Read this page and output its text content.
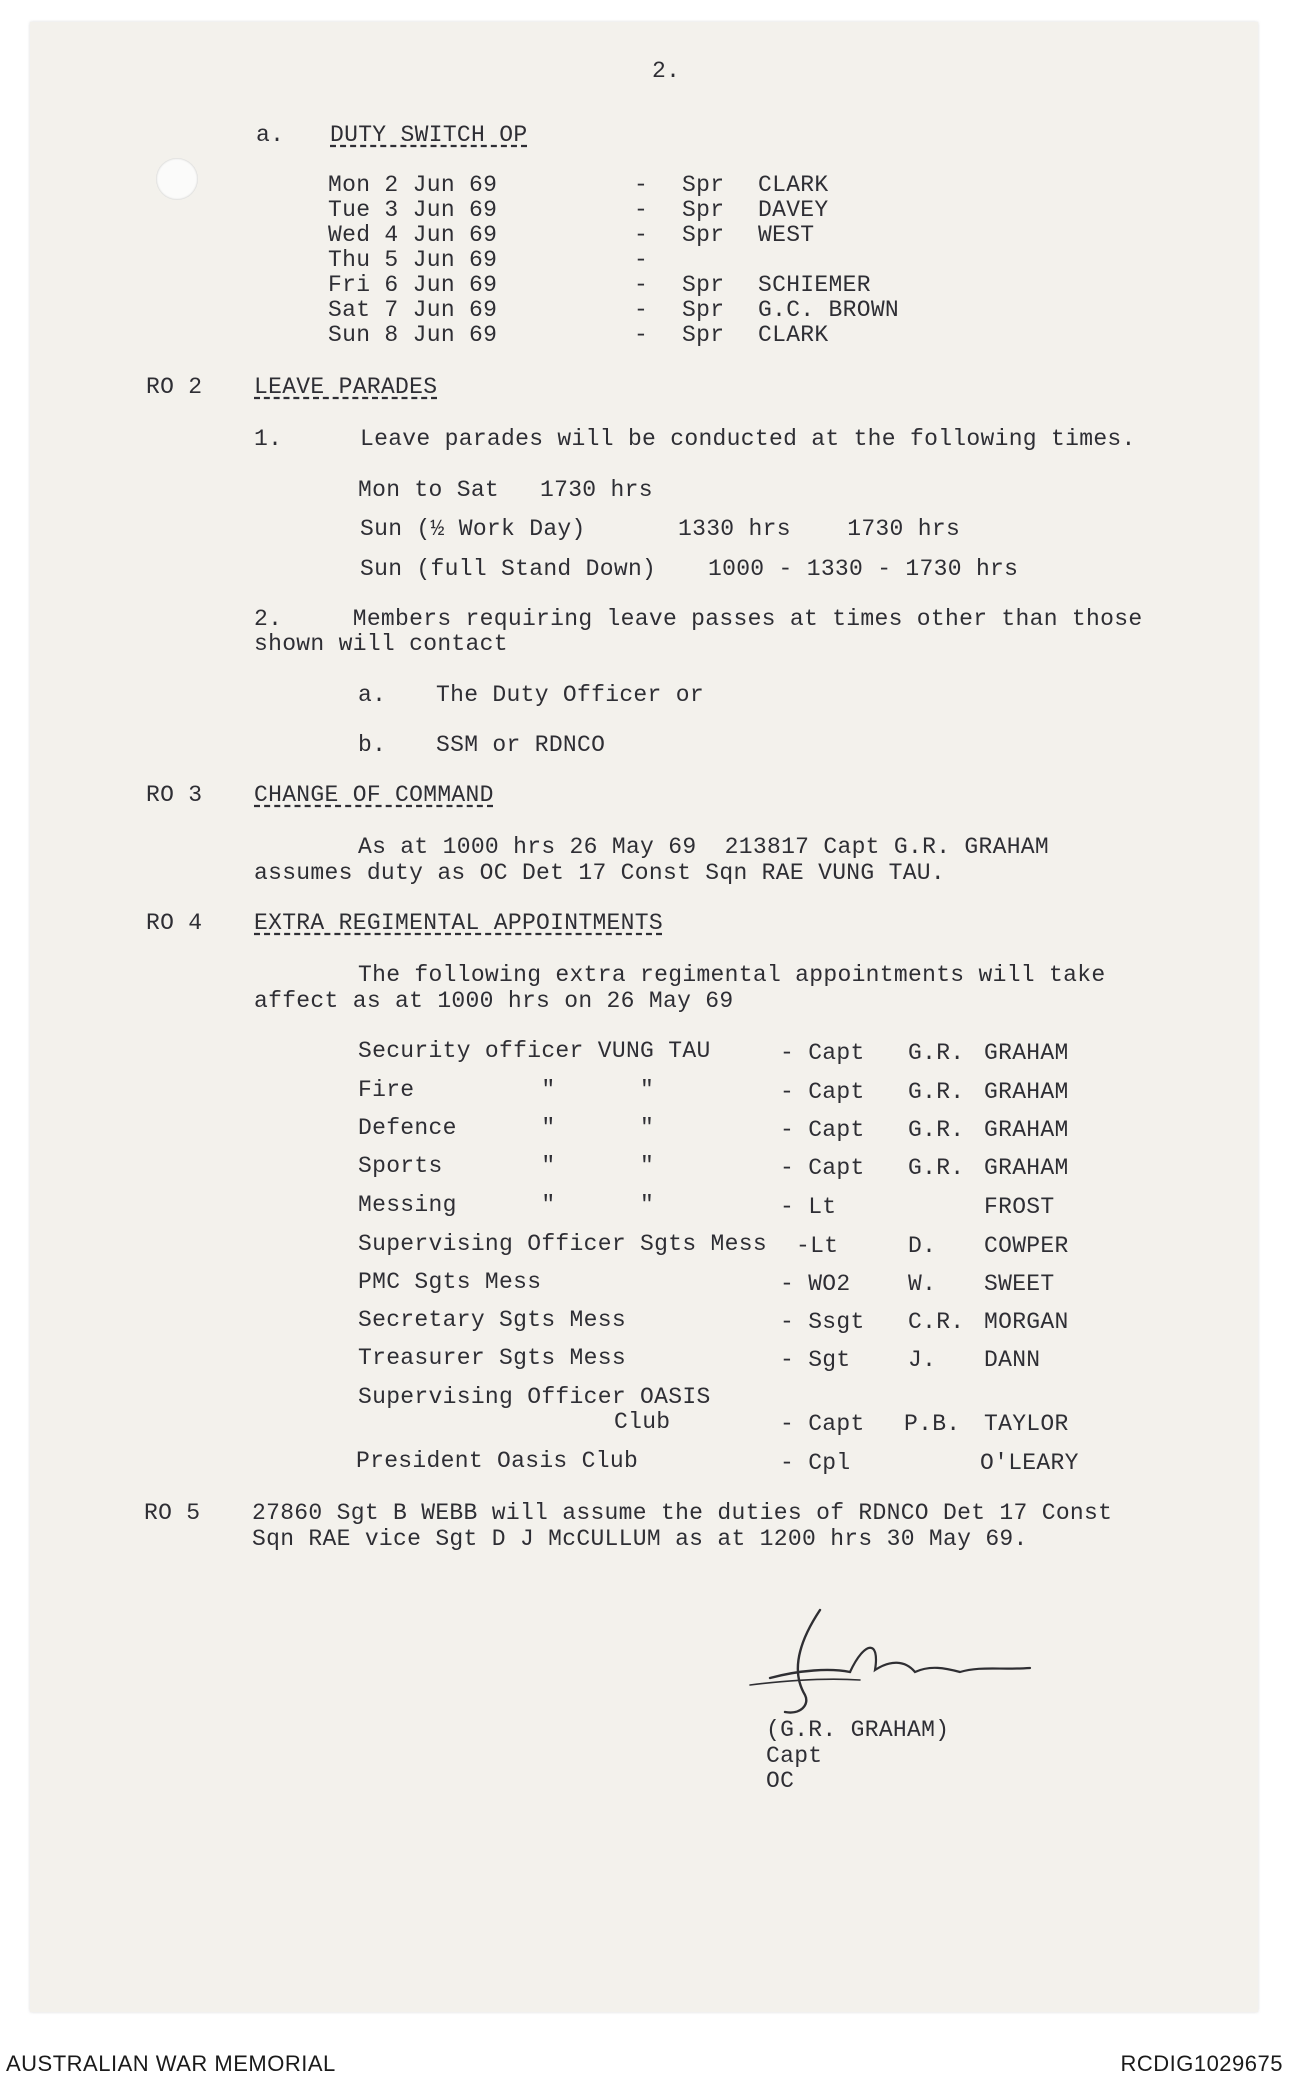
2.
a. DUTY SWITCH OP
Mon 2 Jun 69	- Spr CLARK
Tue 3 Jun 69	- Spr DAVEY
Wed 4 Jun 69	- Spr WEST
Thu 5 Jun 69	-
Fri 6 Jun 69	- Spr SCHIEMER
Sat 7 Jun 69	- Spr G.C. BROWN
Sun 8 Jun 69	- Spr CLARK
RO 2 LEAVE PARADES
1.	Leave parades will be conducted at the following times.
Mon to Sat 1730 hrs
Sun (½ Work Day)	1330 hrs    1730 hrs
Sun (full Stand Down) 1000 - 1330 - 1730 hrs
2.     Members requiring leave passes at times other than those
shown will contact
a. The Duty Officer or
b. SSM or RDNCO
RO 3 CHANGE OF COMMAND
As at 1000 hrs 26 May 69  213817 Capt G.R. GRAHAM
assumes duty as OC Det 17 Const Sqn RAE VUNG TAU.
RO 4 EXTRA REGIMENTAL APPOINTMENTS
The following extra regimental appointments will take
affect as at 1000 hrs on 26 May 69
Security officer VUNG TAU	- Capt G.R. GRAHAM
Fire         "      "	- Capt G.R. GRAHAM
Defence      "      "	- Capt G.R. GRAHAM
Sports       "      "	- Capt G.R. GRAHAM
Messing      "      "	- Lt	FROST
Supervising Officer Sgts Mess -Lt	D. COWPER
PMC Sgts Mess	- WO2 W. SWEET
Secretary Sgts Mess	- Ssgt C.R. MORGAN
Treasurer Sgts Mess	- Sgt J. DANN
Supervising Officer OASIS
Club	- Capt P.B. TAYLOR
President Oasis Club	- Cpl	O'LEARY
RO 5 27860 Sgt B WEBB will assume the duties of RDNCO Det 17 Const
Sqn RAE vice Sgt D J McCULLUM as at 1200 hrs 30 May 69.
(G.R. GRAHAM)
Capt
OC
AUSTRALIAN WAR MEMORIAL	RCDIG1029675
